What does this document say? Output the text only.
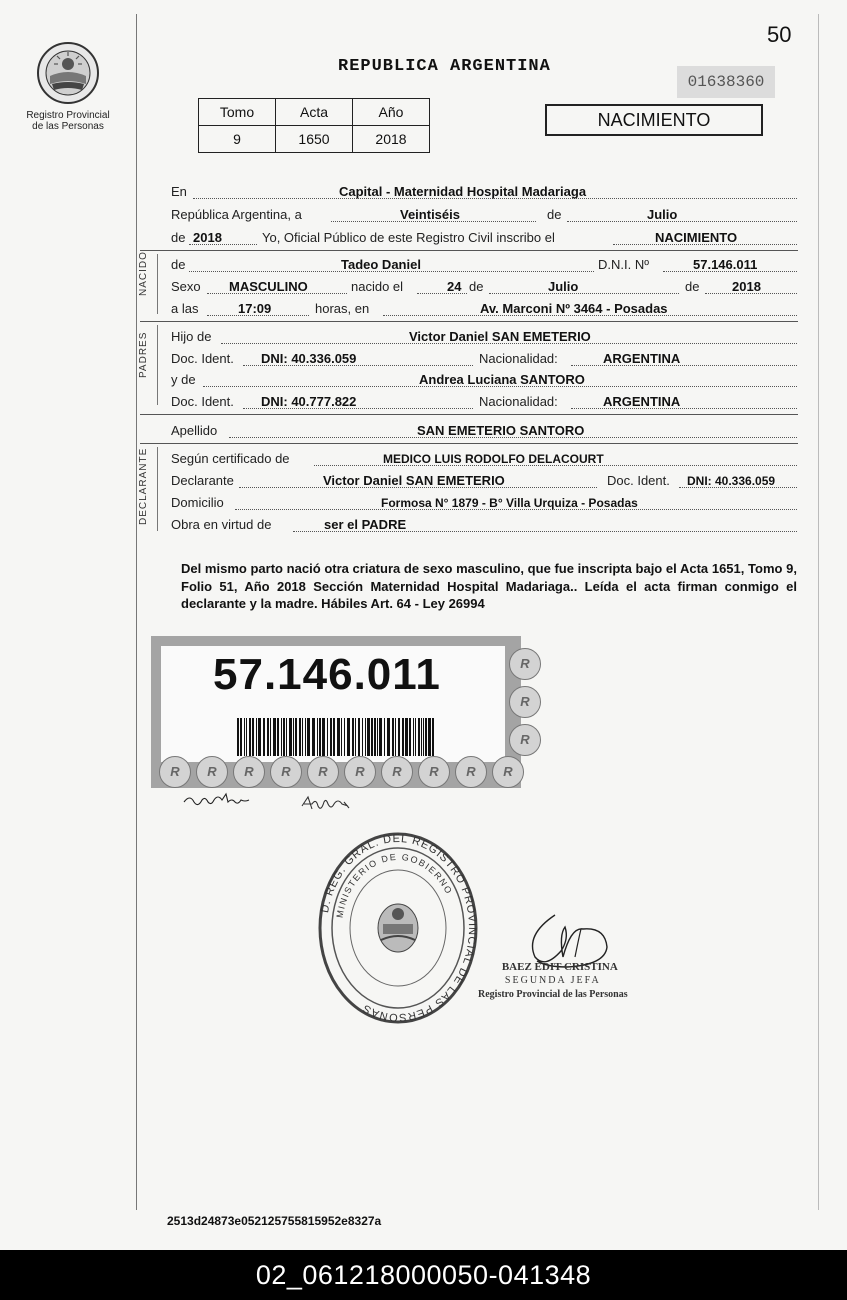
50
Registro Provincial
de las Personas
REPUBLICA ARGENTINA
01638360
Tomo	Acta	Año
9	1650	2018
NACIMIENTO
En	Capital - Maternidad Hospital Madariaga
República Argentina, a	Veintiséis	de	Julio
de 2018	Yo, Oficial Público de este Registro Civil inscribo el	NACIMIENTO
NACIDO	de	Tadeo Daniel	D.N.I. Nº	57.146.011
Sexo MASCULINO	nacido el	24 de	Julio	de	2018
a las	17:09	horas, en	Av. Marconi Nº 3464 - Posadas
PADRES	Hijo de	Victor Daniel SAN EMETERIO
Doc. Ident. DNI: 40.336.059	Nacionalidad:	ARGENTINA
y de	Andrea Luciana SANTORO
Doc. Ident. DNI: 40.777.822	Nacionalidad:	ARGENTINA
Apellido	SAN EMETERIO SANTORO
DECLARANTE	Según certificado de	MEDICO LUIS RODOLFO DELACOURT
Declarante	Victor Daniel SAN EMETERIO	Doc. Ident. DNI: 40.336.059
Domicilio	Formosa N° 1879 - B° Villa Urquiza - Posadas
Obra en virtud de	ser el PADRE
Del mismo parto nació otra criatura de sexo masculino, que fue inscripta bajo el Acta 1651, Tomo 9, Folio 51, Año 2018 Sección Maternidad Hospital Madariaga.. Leída el acta firman conmigo el declarante y la madre. Hábiles Art. 64 - Ley 26994
57.146.011
R	R	R	R	R	R	R	R	R	R
R
R
R
D. REG. GRAL. DEL REGISTRO PROVINCIAL DE LAS PERSONAS
MINISTERIO DE GOBIERNO
BAEZ EDIT CRISTINA
SEGUNDA JEFA
Registro Provincial de las Personas
2513d24873e052125755815952e8327a
02_061218000050-041348
